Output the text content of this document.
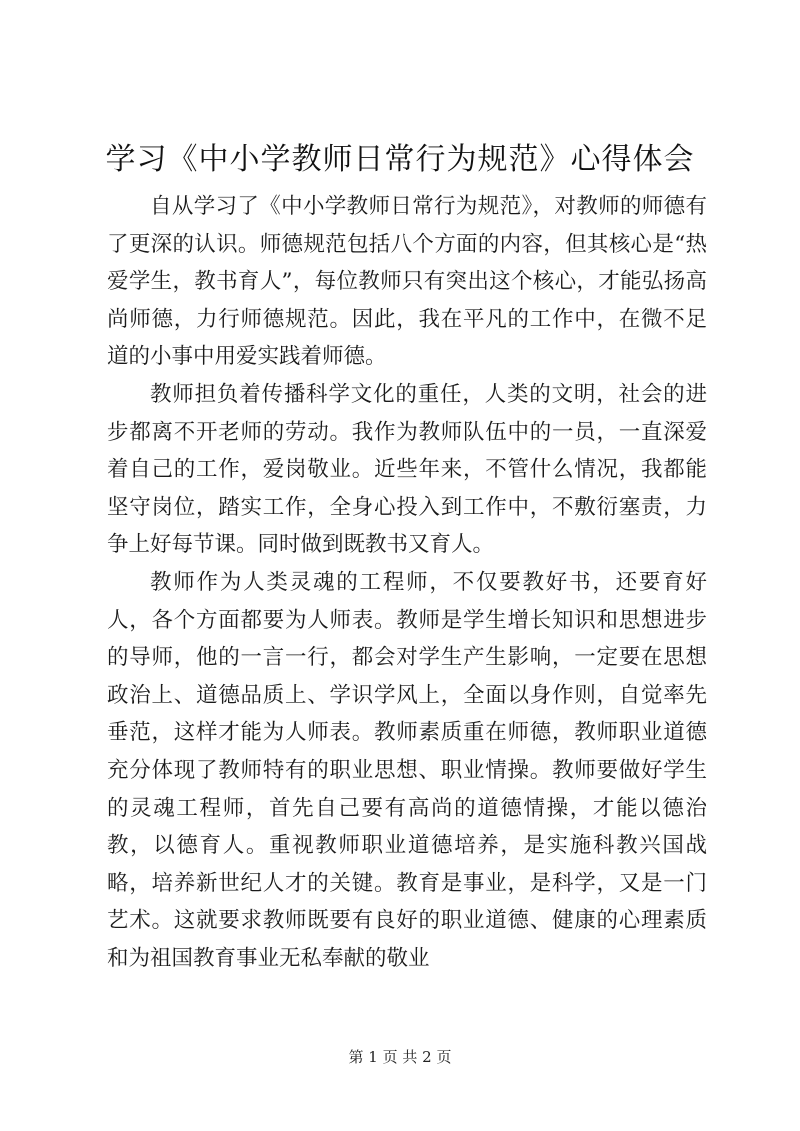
学习《中小学教师日常行为规范》心得体会

自从学习了《中小学教师日常行为规范》，对教师的师德有了更深的认识。师德规范包括八个方面的内容，但其核心是“热爱学生，教书育人”，每位教师只有突出这个核心，才能弘扬高尚师德，力行师德规范。因此，我在平凡的工作中，在微不足道的小事中用爱实践着师德。

教师担负着传播科学文化的重任，人类的文明，社会的进步都离不开老师的劳动。我作为教师队伍中的一员，一直深爱着自己的工作，爱岗敬业。近些年来，不管什么情况，我都能坚守岗位，踏实工作，全身心投入到工作中，不敷衍塞责，力争上好每节课。同时做到既教书又育人。

教师作为人类灵魂的工程师，不仅要教好书，还要育好人，各个方面都要为人师表。教师是学生增长知识和思想进步的导师，他的一言一行，都会对学生产生影响，一定要在思想政治上、道德品质上、学识学风上，全面以身作则，自觉率先垂范，这样才能为人师表。教师素质重在师德，教师职业道德充分体现了教师特有的职业思想、职业情操。教师要做好学生的灵魂工程师，首先自己要有高尚的道德情操，才能以德治教，以德育人。重视教师职业道德培养，是实施科教兴国战略，培养新世纪人才的关键。教育是事业，是科学，又是一门艺术。这就要求教师既要有良好的职业道德、健康的心理素质和为祖国教育事业无私奉献的敬业

第 1 页 共 2 页
